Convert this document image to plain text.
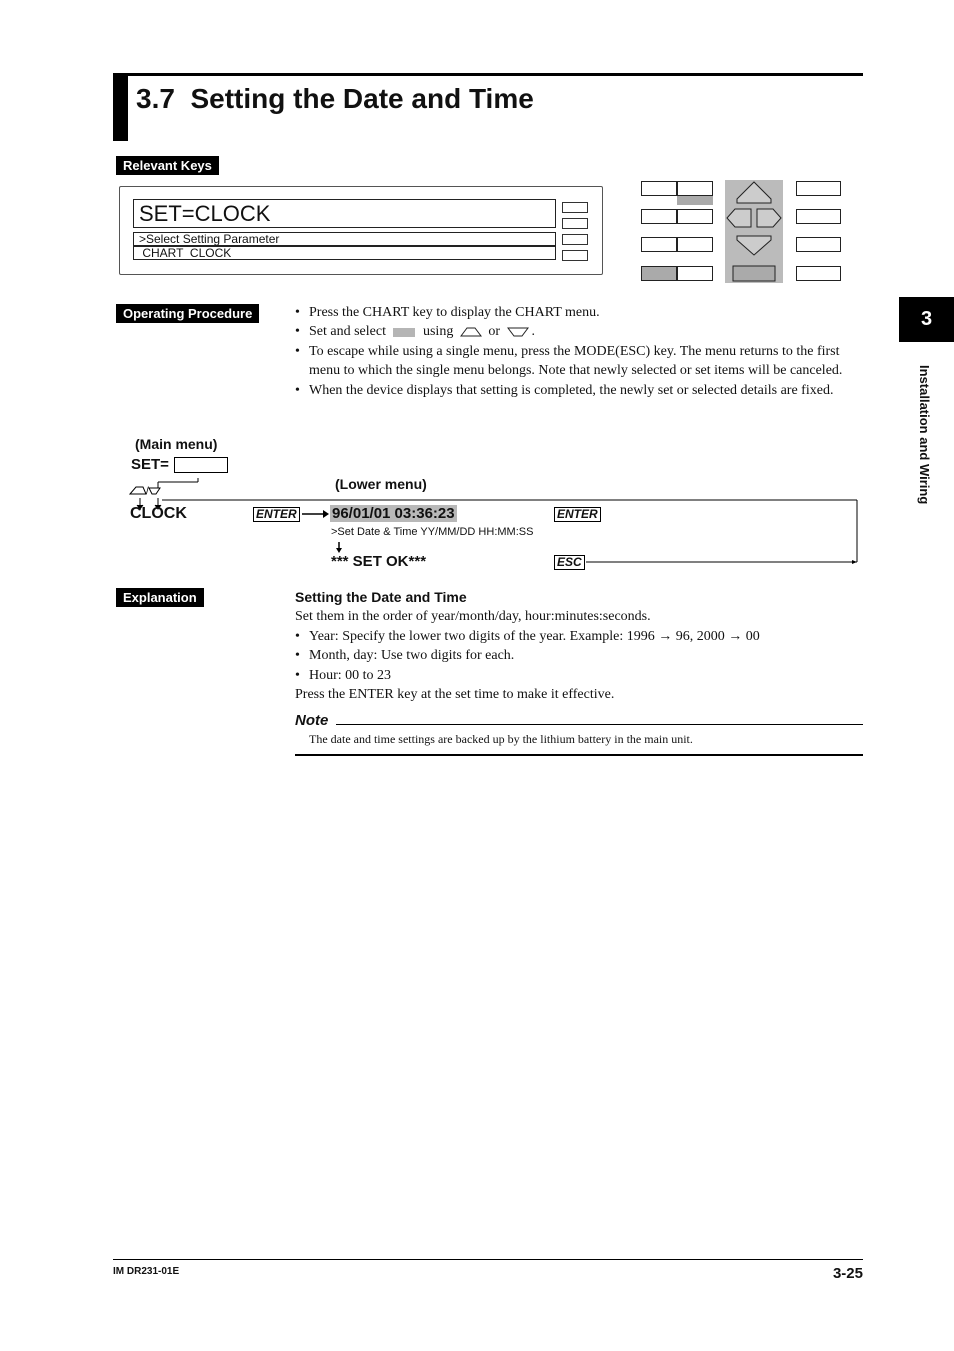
3.7  Setting the Date and Time
Relevant Keys
SET=CLOCK
>Select Setting Parameter
CHART  CLOCK
Operating Procedure
•	Press the CHART key to display the CHART menu.
• Set and select	using	or .
• To escape while using a single menu, press the MODE(ESC) key. The menu returns to the first menu to which the single menu belongs. Note that newly selected or set items will be canceled.
• When the device displays that setting is completed, the newly set or selected details are fixed.
(Main menu)
SET=
/	(Lower menu)
CLOCK	ENTER 96/01/01 03:36:23	ENTER
>Set Date & Time YY/MM/DD HH:MM:SS
*** SET OK***	ESC
Explanation	Setting the Date and Time
Set them in the order of year/month/day, hour:minutes:seconds.
• Year: Specify the lower two digits of the year. Example: 1996 → 96, 2000 → 00
• Month, day: Use two digits for each.
• Hour: 00 to 23
Press the ENTER key at the set time to make it effective.
Note
The date and time settings are backed up by the lithium battery in the main unit.
3
Installation and Wiring
IM DR231-01E	3-25
